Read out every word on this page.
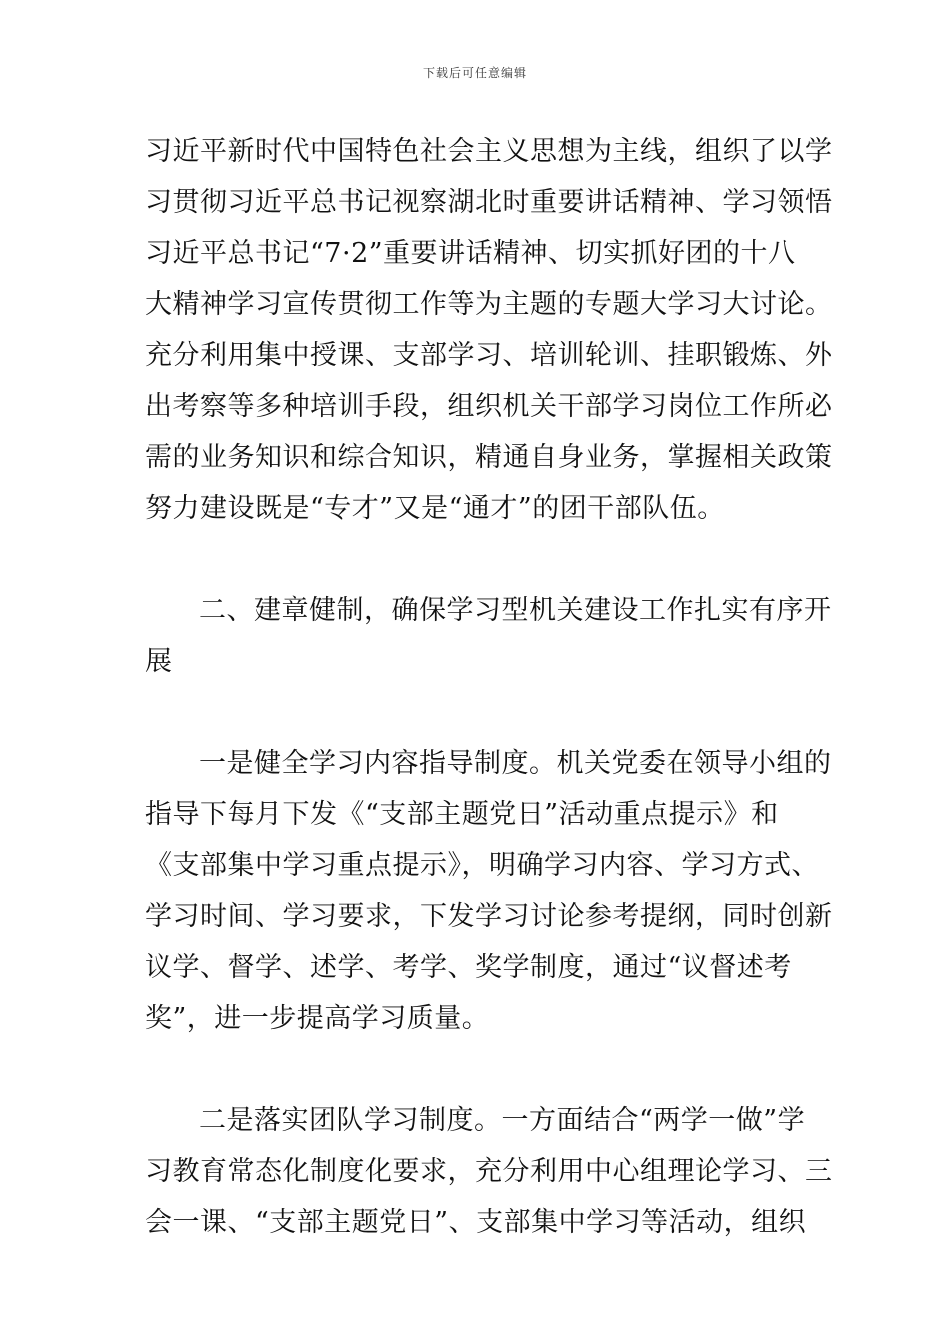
下载后可任意编辑
习近平新时代中国特色社会主义思想为主线，组织了以学
习贯彻习近平总书记视察湖北时重要讲话精神、学习领悟
习近平总书记“7·2”重要讲话精神、切实抓好团的十八
大精神学习宣传贯彻工作等为主题的专题大学习大讨论。
充分利用集中授课、支部学习、培训轮训、挂职锻炼、外
出考察等多种培训手段，组织机关干部学习岗位工作所必
需的业务知识和综合知识，精通自身业务，掌握相关政策
努力建设既是“专才”又是“通才”的团干部队伍。
二、建章健制，确保学习型机关建设工作扎实有序开
展
一是健全学习内容指导制度。机关党委在领导小组的
指导下每月下发《“支部主题党日”活动重点提示》和
《支部集中学习重点提示》，明确学习内容、学习方式、
学习时间、学习要求，下发学习讨论参考提纲，同时创新
议学、督学、述学、考学、奖学制度，通过“议督述考
奖”，进一步提高学习质量。
二是落实团队学习制度。一方面结合“两学一做”学
习教育常态化制度化要求，充分利用中心组理论学习、三
会一课、“支部主题党日”、支部集中学习等活动，组织
